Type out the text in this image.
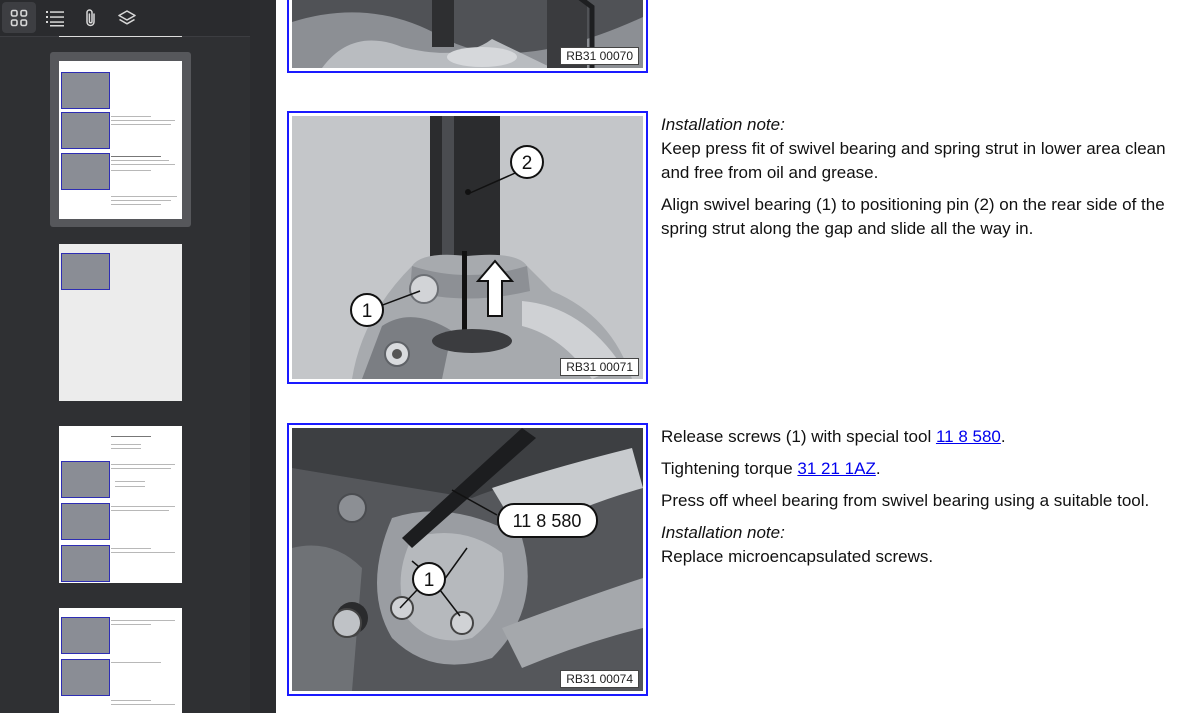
RB31 00070
1
2
RB31 00071

Installation note:

Keep press fit of swivel bearing and spring strut in lower area clean and free from oil and grease.

Align swivel bearing (1) to positioning pin (2) on the rear side of the spring strut along the gap and slide all the way in.

11 8 580
1
RB31 00074

Release screws (1) with special tool 11 8 580.

Tightening torque 31 21 1AZ.

Press off wheel bearing from swivel bearing using a suitable tool.

Installation note:

Replace microencapsulated screws.
